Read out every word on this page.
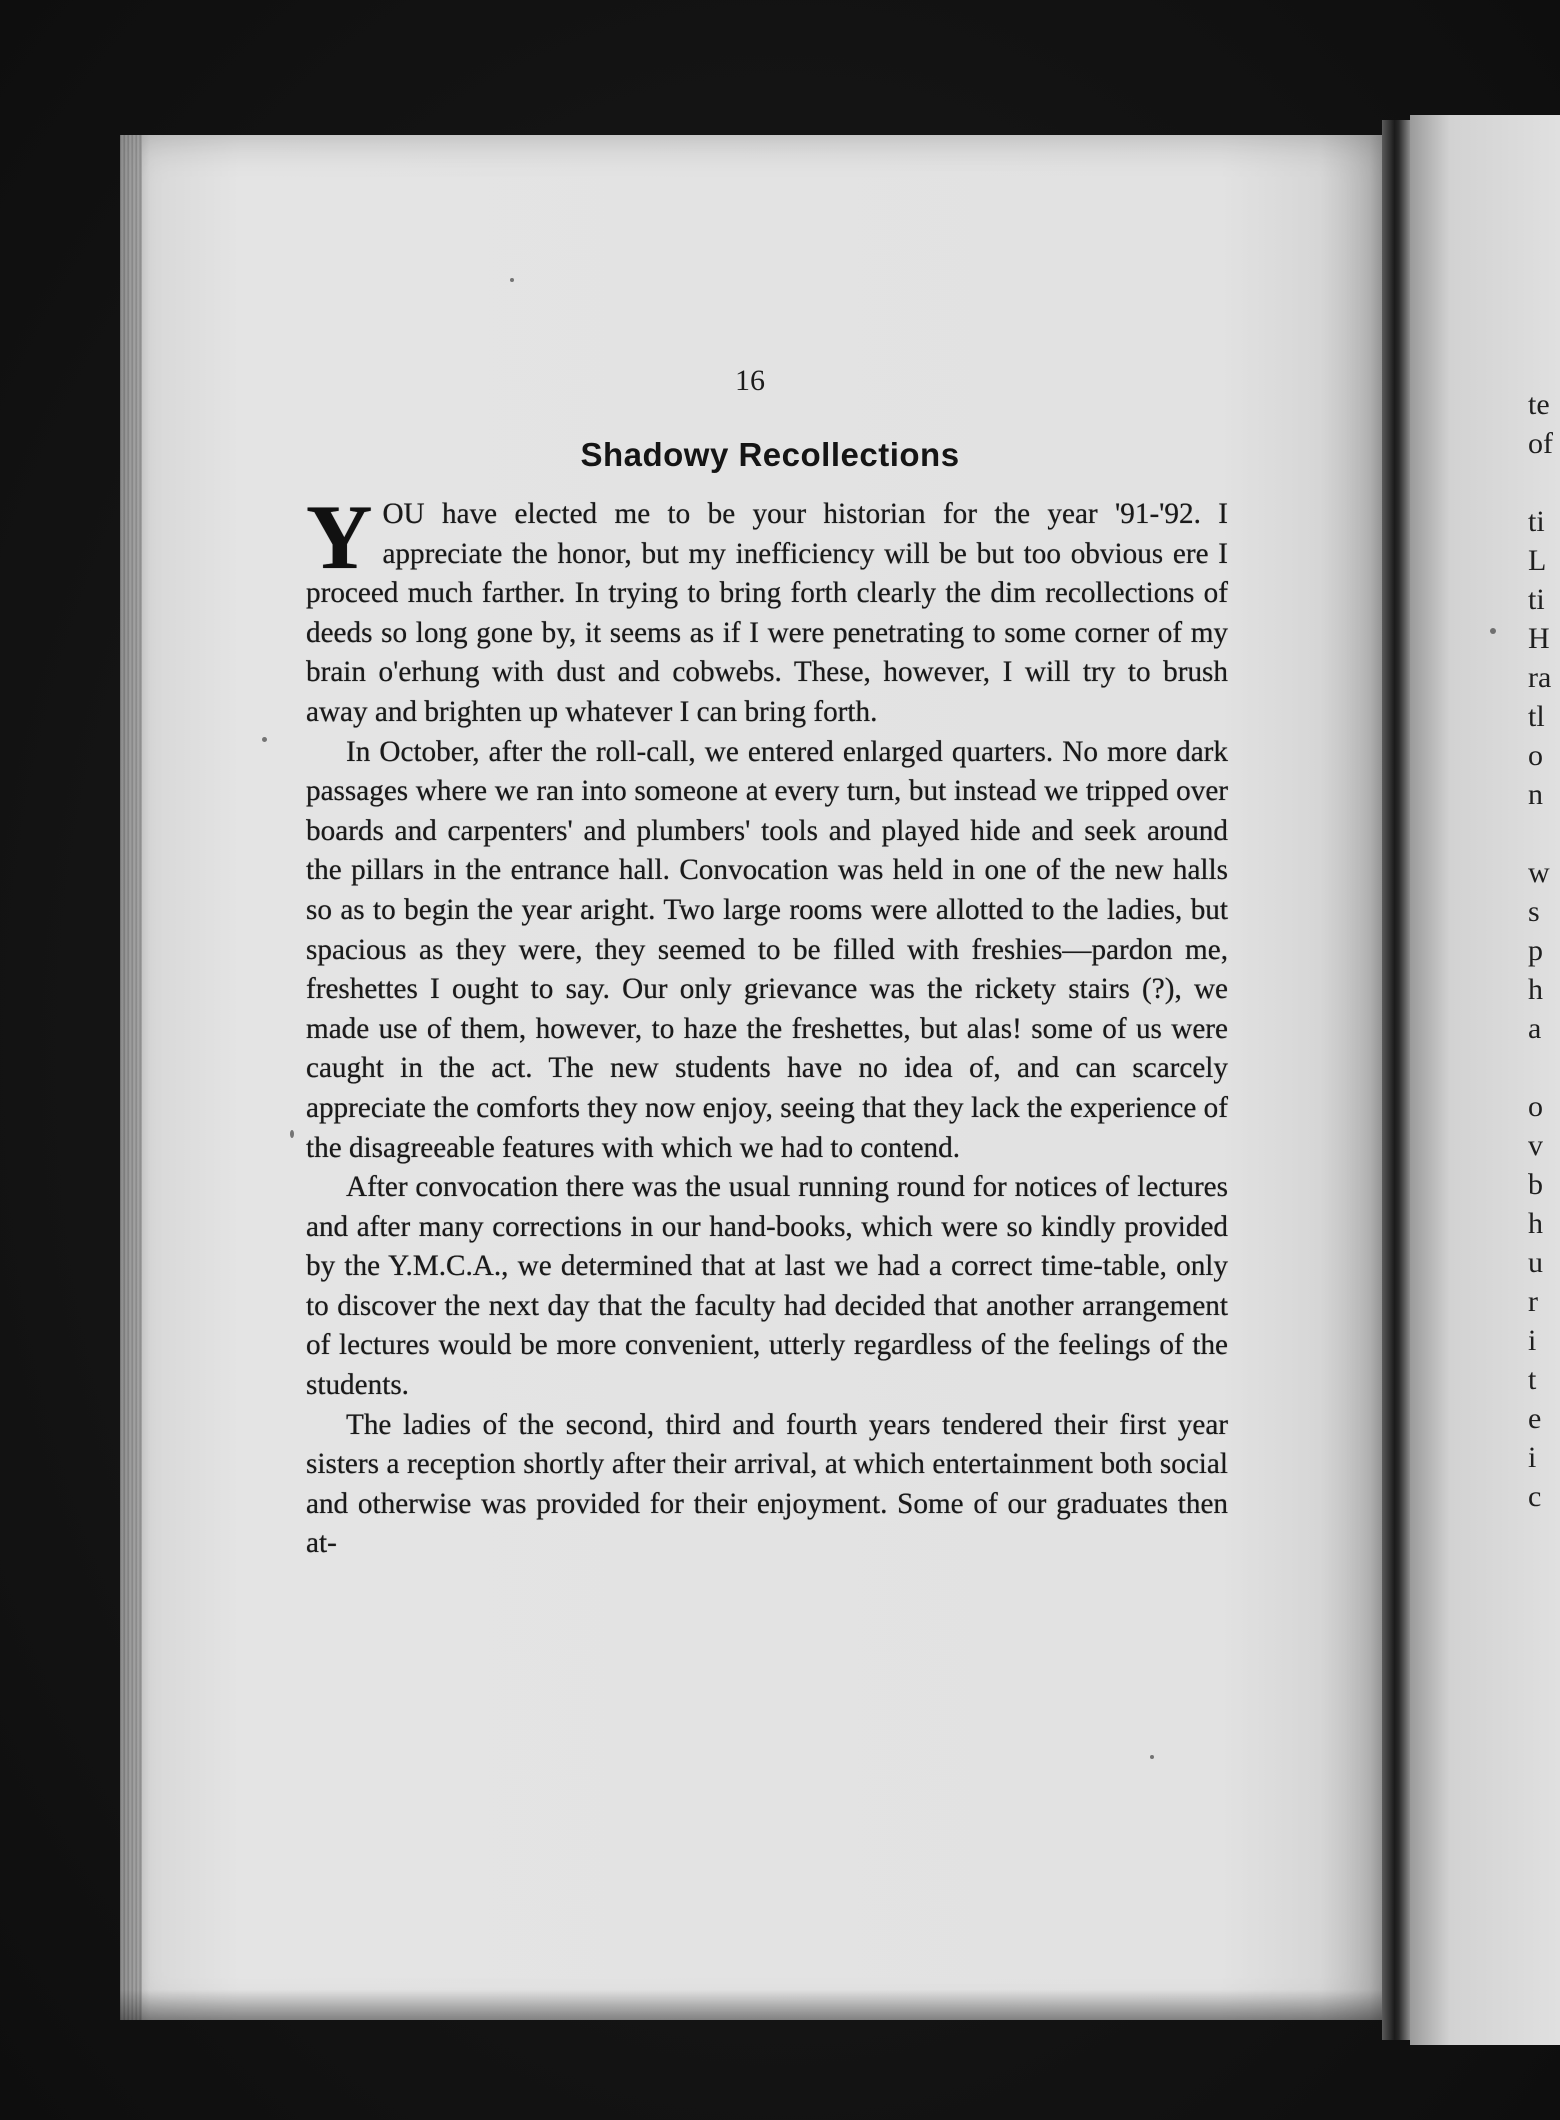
te
of
ti
L
ti
H
ra
tl
o
n
w
s
p
h
a
o
v
b
h
u
r
i
t
e
i
c
16
Shadowy Recollections

YOU have elected me to be your historian for the year '91-'92. I appreciate the honor, but my inefficiency will be but too obvious ere I proceed much farther. In trying to bring forth clearly the dim recollections of deeds so long gone by, it seems as if I were penetrating to some corner of my brain o'erhung with dust and cobwebs. These, however, I will try to brush away and brighten up whatever I can bring forth.

In October, after the roll-call, we entered enlarged quarters. No more dark passages where we ran into someone at every turn, but instead we tripped over boards and carpenters' and plumbers' tools and played hide and seek around the pillars in the entrance hall. Convocation was held in one of the new halls so as to begin the year aright. Two large rooms were allotted to the ladies, but spacious as they were, they seemed to be filled with freshies—pardon me, freshettes I ought to say. Our only grievance was the rickety stairs (?), we made use of them, however, to haze the freshettes, but alas! some of us were caught in the act. The new students have no idea of, and can scarcely appreciate the comforts they now enjoy, seeing that they lack the experience of the disagreeable features with which we had to contend.

After convocation there was the usual running round for notices of lectures and after many corrections in our hand-books, which were so kindly provided by the Y.M.C.A., we determined that at last we had a correct time-table, only to discover the next day that the faculty had decided that another arrangement of lectures would be more convenient, utterly regardless of the feelings of the students.

The ladies of the second, third and fourth years tendered their first year sisters a reception shortly after their arrival, at which entertainment both social and otherwise was provided for their enjoyment. Some of our graduates then at-
